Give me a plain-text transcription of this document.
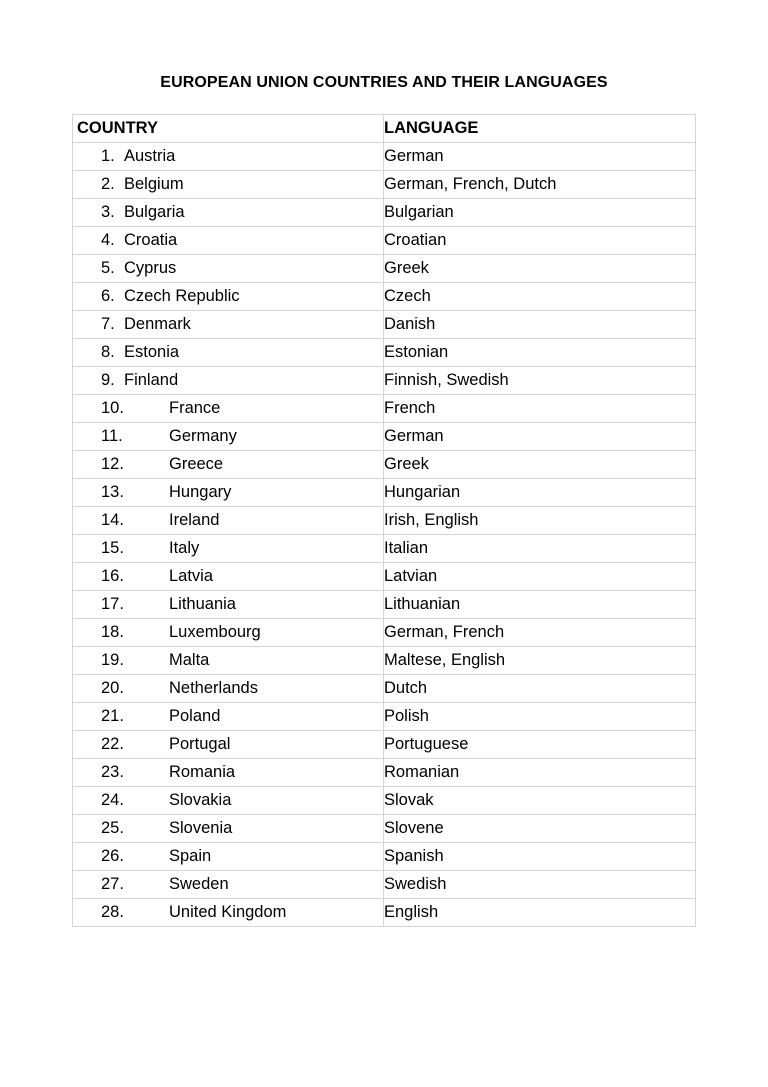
EUROPEAN UNION COUNTRIES AND THEIR LANGUAGES
COUNTRY	LANGUAGE
1. Austria	German
2. Belgium	German, French, Dutch
3. Bulgaria	Bulgarian
4. Croatia	Croatian
5. Cyprus	Greek
6. Czech Republic	Czech
7. Denmark	Danish
8. Estonia	Estonian
9. Finland	Finnish, Swedish
10. France	French
11. Germany	German
12. Greece	Greek
13. Hungary	Hungarian
14. Ireland	Irish, English
15. Italy	Italian
16. Latvia	Latvian
17. Lithuania	Lithuanian
18. Luxembourg	German, French
19. Malta	Maltese, English
20. Netherlands	Dutch
21. Poland	Polish
22. Portugal	Portuguese
23. Romania	Romanian
24. Slovakia	Slovak
25. Slovenia	Slovene
26. Spain	Spanish
27. Sweden	Swedish
28. United Kingdom	English
